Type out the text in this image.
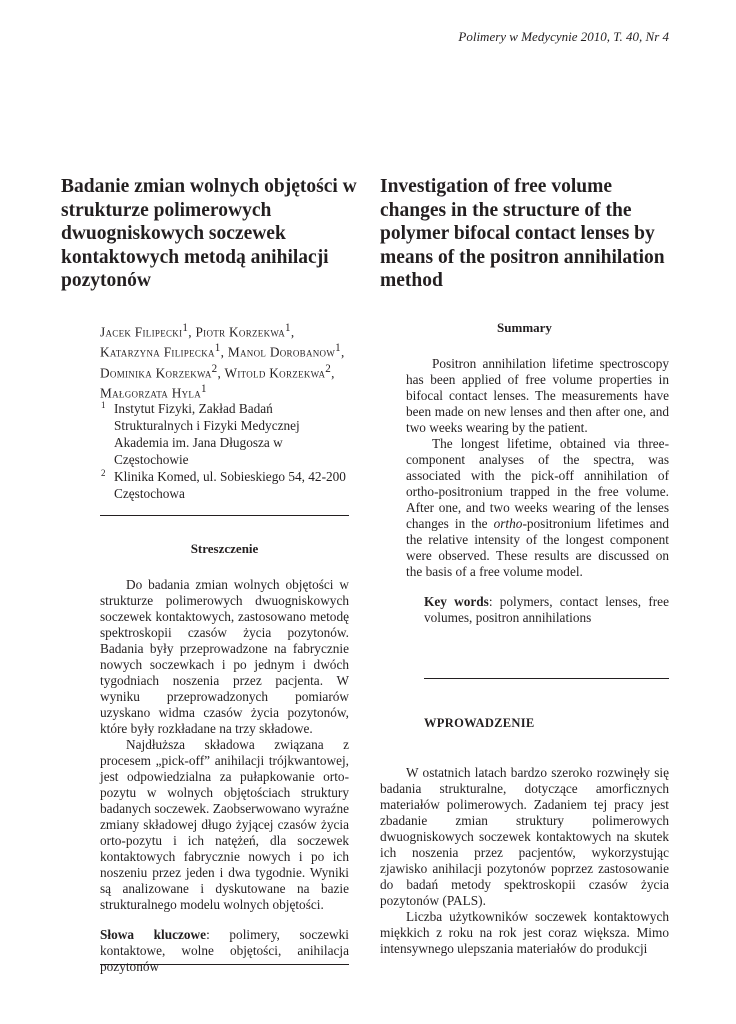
Polimery w Medycynie 2010, T. 40, Nr 4
Badanie zmian wolnych objętości w strukturze polimerowych dwuogniskowych soczewek kontaktowych metodą anihilacji pozytonów
Investigation of free volume changes in the structure of the polymer bifocal contact lenses by means of the positron annihilation method
Jacek Filipecki$^1$, Piotr Korzekwa$^1$,
Katarzyna Filipecka$^1$, Manol Dorobanow$^1$,
Dominika Korzekwa$^2$, Witold Korzekwa$^2$,
Małgorzata Hyla$^1$
1 Instytut Fizyki, Zakład Badań Strukturalnych i Fizyki Medycznej Akademia im. Jana Długosza w Częstochowie
2 Klinika Komed, ul. Sobieskiego 54, 42-200 Częstochowa

Streszczenie

Do badania zmian wolnych objętości w strukturze polimerowych dwuogniskowych soczewek kontaktowych, zastosowano metodę spektroskopii czasów życia pozytonów. Badania były przeprowadzone na fabrycznie nowych soczewkach i po jednym i dwóch tygodniach noszenia przez pacjenta. W wyniku przeprowadzonych pomiarów uzyskano widma czasów życia pozytonów, które były rozkładane na trzy składowe.

Najdłuższa składowa związana z procesem „pick-off” anihilacji trójkwantowej, jest odpowiedzialna za pułapkowanie orto-pozytu w wolnych objętościach struktury badanych soczewek. Zaobserwowano wyraźne zmiany składowej długo żyjącej czasów życia orto-pozytu i ich natężeń, dla soczewek kontaktowych fabrycznie nowych i po ich noszeniu przez jeden i dwa tygodnie. Wyniki są analizowane i dyskutowane na bazie strukturalnego modelu wolnych objętości.

Słowa kluczowe: polimery, soczewki kontaktowe, wolne objętości, anihilacja pozytonów

Summary

Positron annihilation lifetime spectroscopy has been applied of free volume properties in bifocal contact lenses. The measurements have been made on new lenses and then after one, and two weeks wearing by the patient.

The longest lifetime, obtained via three-component analyses of the spectra, was associated with the pick-off annihilation of ortho-positronium trapped in the free volume. After one, and two weeks wearing of the lenses changes in the ortho-positronium lifetimes and the relative intensity of the longest component were observed. These results are discussed on the basis of a free volume model.

Key words: polymers, contact lenses, free volumes, positron annihilations

WPROWADZENIE

W ostatnich latach bardzo szeroko rozwinęły się badania strukturalne, dotyczące amorficznych materiałów polimerowych. Zadaniem tej pracy jest zbadanie zmian struktury polimerowych dwuogniskowych soczewek kontaktowych na skutek ich noszenia przez pacjentów, wykorzystując zjawisko anihilacji pozytonów poprzez zastosowanie do badań metody spektroskopii czasów życia pozytonów (PALS).

Liczba użytkowników soczewek kontaktowych miękkich z roku na rok jest coraz większa. Mimo intensywnego ulepszania materiałów do produkcji
